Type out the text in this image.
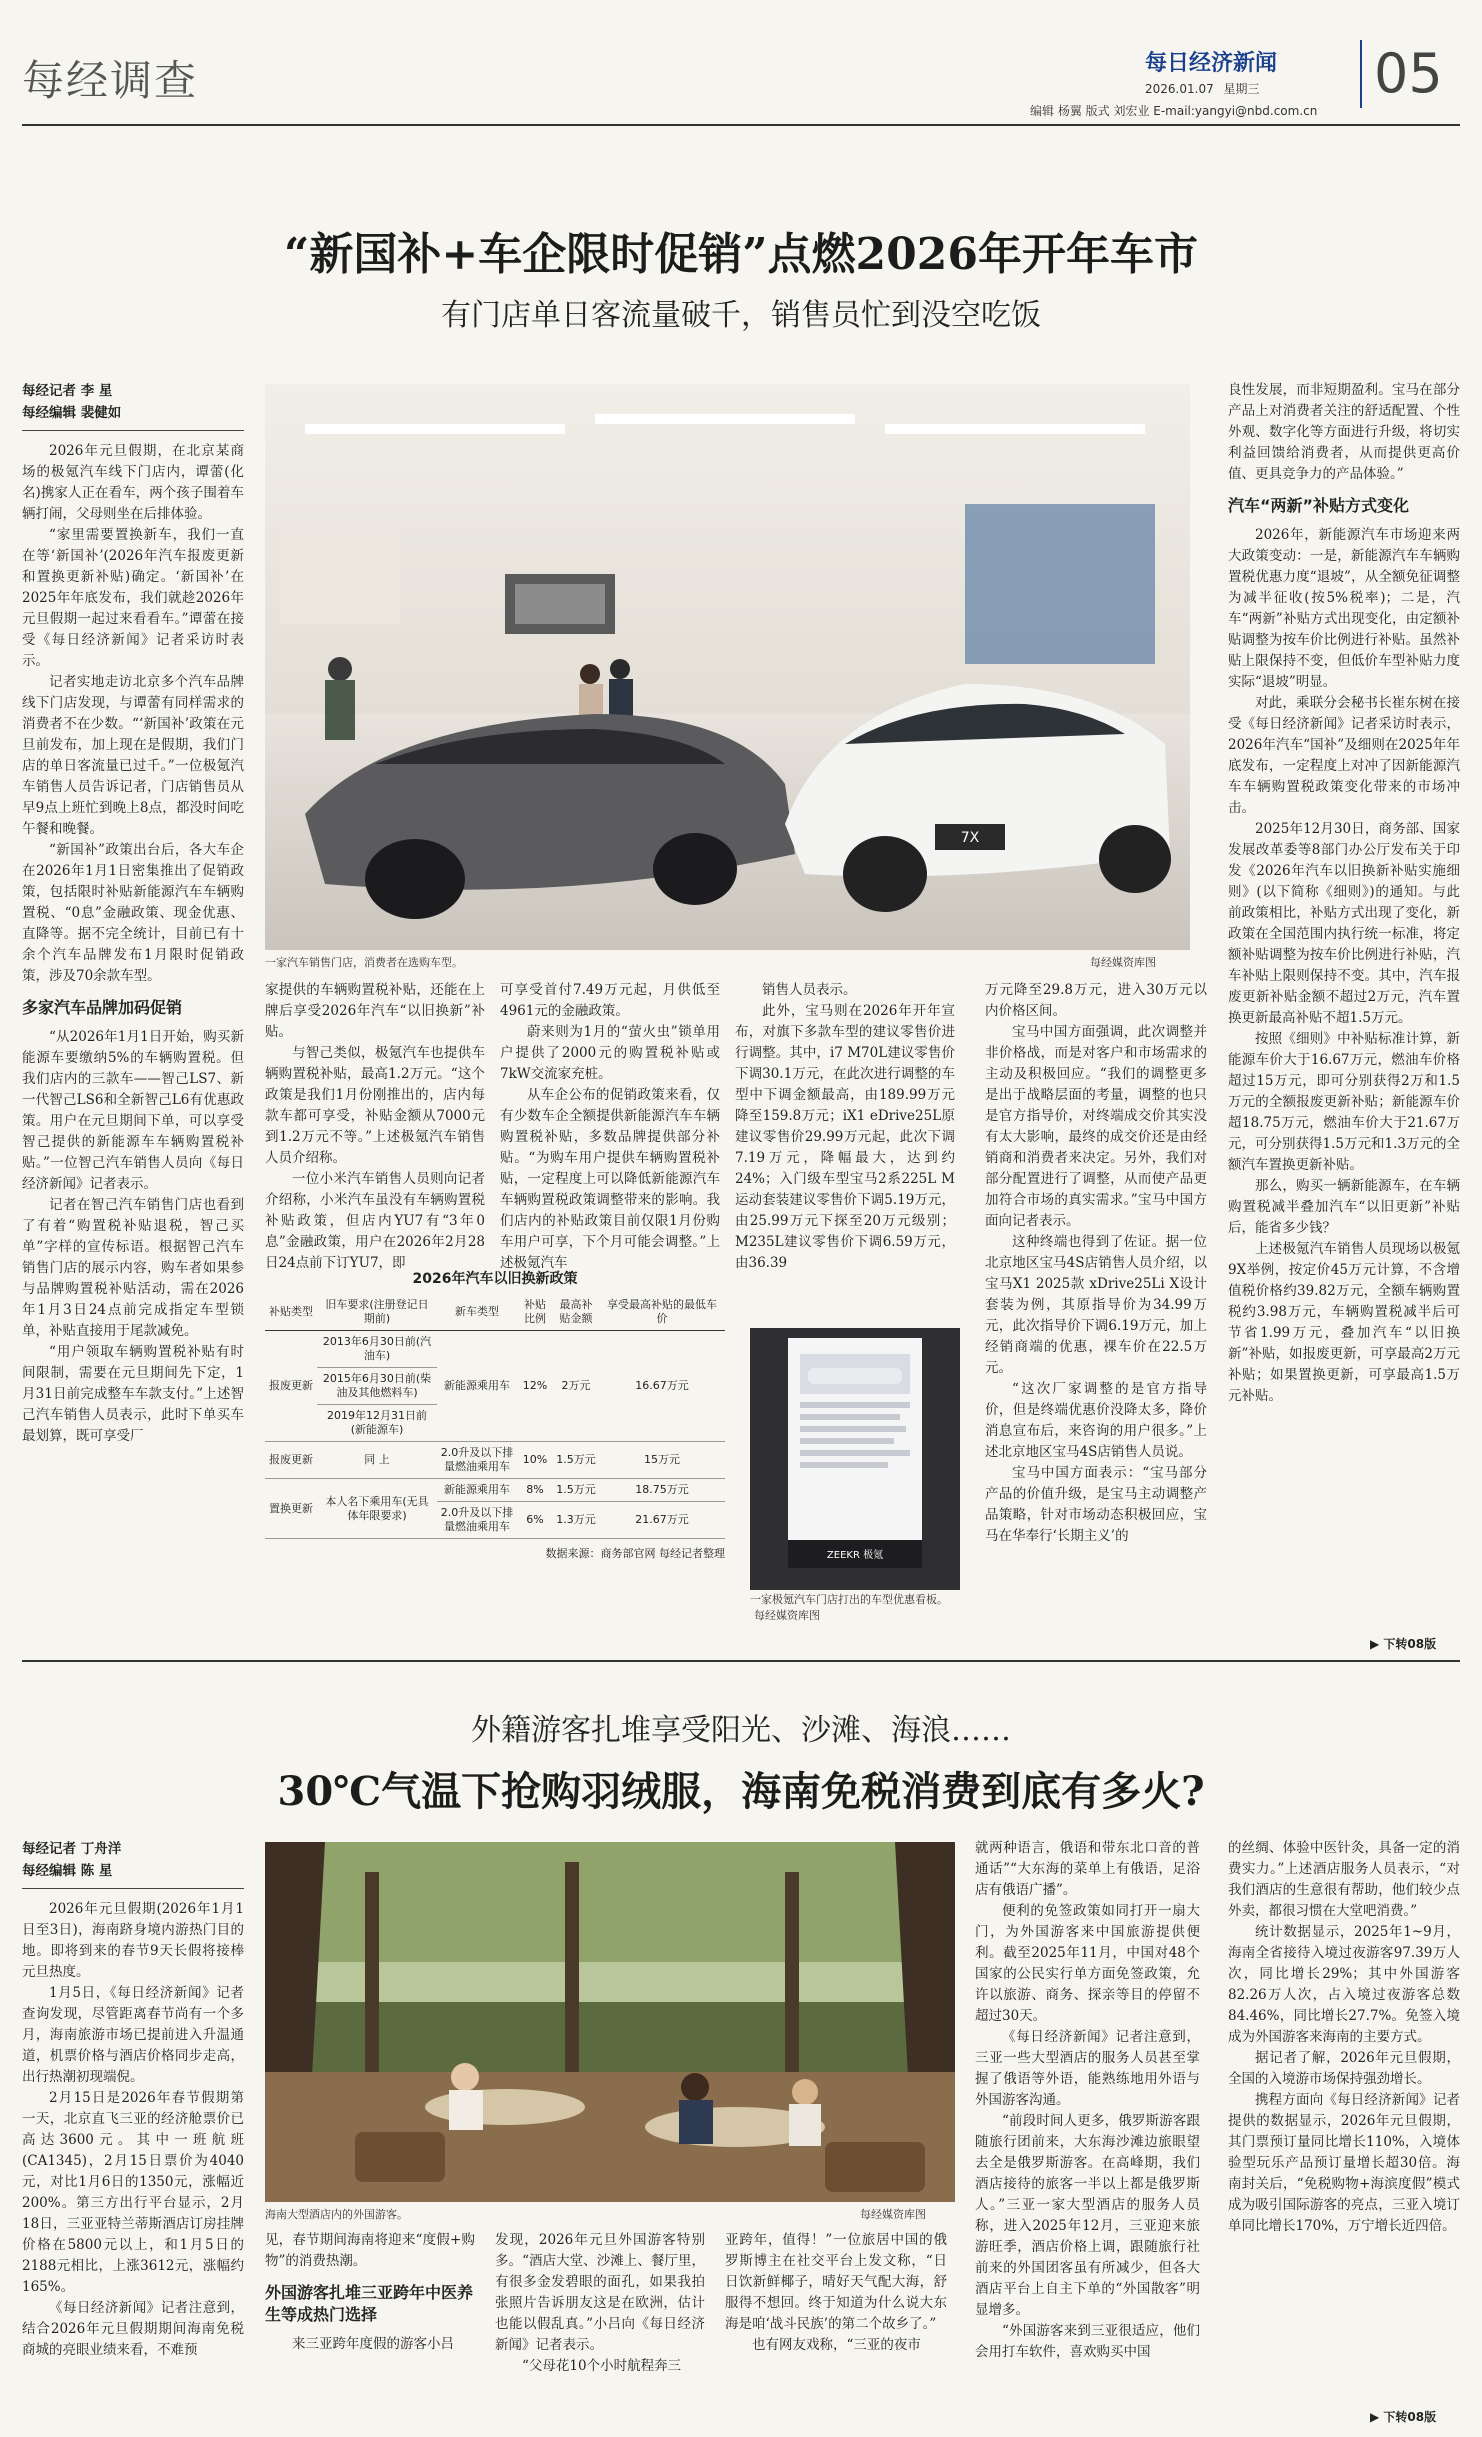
每经调查	每日经济新闻
2026.01.07 星期三 05
编辑 杨翼 版式 刘宏业 E-mail:yangyi@nbd.com.cn
“新国补+车企限时促销”点燃2026年开年车市
有门店单日客流量破千，销售员忙到没空吃饭
每经记者 李 星
每经编辑 裴健如

2026年元旦假期，在北京某商场的极氪汽车线下门店内，谭蕾(化名)携家人正在看车，两个孩子围着车辆打闹，父母则坐在后排体验。

“家里需要置换新车，我们一直在等‘新国补’(2026年汽车报废更新和置换更新补贴)确定。‘新国补’在2025年年底发布，我们就趁2026年元旦假期一起过来看看车。”谭蕾在接受《每日经济新闻》记者采访时表示。

记者实地走访北京多个汽车品牌线下门店发现，与谭蕾有同样需求的消费者不在少数。“‘新国补’政策在元旦前发布，加上现在是假期，我们门店的单日客流量已过千。”一位极氪汽车销售人员告诉记者，门店销售员从早9点上班忙到晚上8点，都没时间吃午餐和晚餐。

“新国补”政策出台后，各大车企在2026年1月1日密集推出了促销政策，包括限时补贴新能源汽车车辆购置税、“0息”金融政策、现金优惠、直降等。据不完全统计，目前已有十余个汽车品牌发布1月限时促销政策，涉及70余款车型。

多家汽车品牌加码促销

“从2026年1月1日开始，购买新能源车要缴纳5%的车辆购置税。但我们店内的三款车——智己LS7、新一代智己LS6和全新智己L6有优惠政策。用户在元旦期间下单，可以享受智己提供的新能源车车辆购置税补贴。”一位智己汽车销售人员向《每日经济新闻》记者表示。

记者在智己汽车销售门店也看到了有着“购置税补贴退税，智己买单”字样的宣传标语。根据智己汽车销售门店的展示内容，购车者如果参与品牌购置税补贴活动，需在2026年1月3日24点前完成指定车型锁单，补贴直接用于尾款减免。

“用户领取车辆购置税补贴有时间限制，需要在元旦期间先下定，1月31日前完成整车车款支付。”上述智己汽车销售人员表示，此时下单买车最划算，既可享受厂

7X
一家汽车销售门店，消费者在选购车型。	每经媒资库图

家提供的车辆购置税补贴，还能在上牌后享受2026年汽车“以旧换新”补贴。

与智己类似，极氪汽车也提供车辆购置税补贴，最高1.2万元。“这个政策是我们1月份刚推出的，店内每款车都可享受，补贴金额从7000元到1.2万元不等。”上述极氪汽车销售人员介绍称。

一位小米汽车销售人员则向记者介绍称，小米汽车虽没有车辆购置税补贴政策，但店内YU7有“3年0息”金融政策，用户在2026年2月28日24点前下订YU7，即

可享受首付7.49万元起，月供低至4961元的金融政策。

蔚来则为1月的“萤火虫”锁单用户提供了2000元的购置税补贴或7kW交流家充桩。

从车企公布的促销政策来看，仅有少数车企全额提供新能源汽车车辆购置税补贴，多数品牌提供部分补贴。“为购车用户提供车辆购置税补贴，一定程度上可以降低新能源汽车车辆购置税政策调整带来的影响。我们店内的补贴政策目前仅限1月份购车用户可享，下个月可能会调整。”上述极氪汽车

销售人员表示。

此外，宝马则在2026年开年宣布，对旗下多款车型的建议零售价进行调整。其中，i7 M70L建议零售价下调30.1万元，在此次进行调整的车型中下调金额最高，由189.99万元降至159.8万元；iX1 eDrive25L原建议零售价29.99万元起，此次下调7.19万元，降幅最大，达到约24%；入门级车型宝马2系225L M运动套装建议零售价下调5.19万元，由25.99万元下探至20万元级别；M235L建议零售价下调6.59万元，由36.39

2026年汽车以旧换新政策
补贴类型	旧车要求(注册登记日期前)	新车类型	补贴比例	最高补贴金额	享受最高补贴的最低车价
报废更新	2013年6月30日前(汽油车)	新能源乘用车	12%	2万元	16.67万元
	2015年6月30日前(柴油及其他燃料车)				
	2019年12月31日前(新能源车)				
报废更新	同 上	2.0升及以下排量燃油乘用车	10%	1.5万元	15万元
置换更新	本人名下乘用车(无具体年限要求)	新能源乘用车	8%	1.5万元	18.75万元
		2.0升及以下排量燃油乘用车	6%	1.3万元	21.67万元
数据来源：商务部官网 每经记者整理	ZEEKR 极氪
一家极氪汽车门店打出的车型优惠看板。 每经媒资库图

万元降至29.8万元，进入30万元以内价格区间。

宝马中国方面强调，此次调整并非价格战，而是对客户和市场需求的主动及积极回应。“我们的调整更多是出于战略层面的考量，调整的也只是官方指导价，对终端成交价其实没有太大影响，最终的成交价还是由经销商和消费者来决定。另外，我们对部分配置进行了调整，从而使产品更加符合市场的真实需求。”宝马中国方面向记者表示。

这种终端也得到了佐证。据一位北京地区宝马4S店销售人员介绍，以宝马X1 2025款 xDrive25Li X设计套装为例，其原指导价为34.99万元，此次指导价下调6.19万元，加上经销商端的优惠，裸车价在22.5万元。

“这次厂家调整的是官方指导价，但是终端优惠价没降太多，降价消息宣布后，来咨询的用户很多。”上述北京地区宝马4S店销售人员说。

宝马中国方面表示：“宝马部分产品的价值升级，是宝马主动调整产品策略，针对市场动态积极回应，宝马在华奉行‘长期主义’的

良性发展，而非短期盈利。宝马在部分产品上对消费者关注的舒适配置、个性外观、数字化等方面进行升级，将切实利益回馈给消费者，从而提供更高价值、更具竞争力的产品体验。”

汽车“两新”补贴方式变化

2026年，新能源汽车市场迎来两大政策变动：一是，新能源汽车车辆购置税优惠力度“退坡”，从全额免征调整为减半征收(按5%税率)；二是，汽车“两新”补贴方式出现变化，由定额补贴调整为按车价比例进行补贴。虽然补贴上限保持不变，但低价车型补贴力度实际“退坡”明显。

对此，乘联分会秘书长崔东树在接受《每日经济新闻》记者采访时表示，2026年汽车“国补”及细则在2025年年底发布，一定程度上对冲了因新能源汽车车辆购置税政策变化带来的市场冲击。

2025年12月30日，商务部、国家发展改革委等8部门办公厅发布关于印发《2026年汽车以旧换新补贴实施细则》(以下简称《细则》)的通知。与此前政策相比，补贴方式出现了变化，新政策在全国范围内执行统一标准，将定额补贴调整为按车价比例进行补贴，汽车补贴上限则保持不变。其中，汽车报废更新补贴金额不超过2万元，汽车置换更新最高补贴不超1.5万元。

按照《细则》中补贴标准计算，新能源车价大于16.67万元，燃油车价格超过15万元，即可分别获得2万和1.5万元的全额报废更新补贴；新能源车价超18.75万元，燃油车价大于21.67万元，可分别获得1.5万元和1.3万元的全额汽车置换更新补贴。

那么，购买一辆新能源车，在车辆购置税减半叠加汽车“以旧更新”补贴后，能省多少钱？

上述极氪汽车销售人员现场以极氪9X举例，按定价45万元计算，不含增值税价格约39.82万元，全额车辆购置税约3.98万元，车辆购置税减半后可节省1.99万元，叠加汽车“以旧换新”补贴，如报废更新，可享最高2万元补贴；如果置换更新，可享最高1.5万元补贴。

▶ 下转08版
外籍游客扎堆享受阳光、沙滩、海浪……
30℃气温下抢购羽绒服，海南免税消费到底有多火?
每经记者 丁舟洋
每经编辑 陈 星

2026年元旦假期(2026年1月1日至3日)，海南跻身境内游热门目的地。即将到来的春节9天长假将接棒元旦热度。

1月5日，《每日经济新闻》记者查询发现，尽管距离春节尚有一个多月，海南旅游市场已提前进入升温通道，机票价格与酒店价格同步走高，出行热潮初现端倪。

2月15日是2026年春节假期第一天，北京直飞三亚的经济舱票价已高达3600元。其中一班航班(CA1345)，2月15日票价为4040元，对比1月6日的1350元，涨幅近200%。第三方出行平台显示，2月18日，三亚亚特兰蒂斯酒店订房挂牌价格在5800元以上，和1月5日的2188元相比，上涨3612元，涨幅约165%。

《每日经济新闻》记者注意到，结合2026年元旦假期期间海南免税商城的亮眼业绩来看，不难预

海南大型酒店内的外国游客。	每经媒资库图

见，春节期间海南将迎来“度假+购物”的消费热潮。

外国游客扎堆三亚跨年中医养生等成热门选择

来三亚跨年度假的游客小吕

发现，2026年元旦外国游客特别多。“酒店大堂、沙滩上、餐厅里，有很多金发碧眼的面孔，如果我拍张照片告诉朋友这是在欧洲，估计也能以假乱真。”小吕向《每日经济新闻》记者表示。

“父母花10个小时航程奔三

亚跨年，值得！”一位旅居中国的俄罗斯博主在社交平台上发文称，“日日饮新鲜椰子，晴好天气配大海，舒服得不想回。终于知道为什么说大东海是咱‘战斗民族’的第二个故乡了。”

也有网友戏称，“三亚的夜市

就两种语言，俄语和带东北口音的普通话”“大东海的菜单上有俄语，足浴店有俄语广播”。

便利的免签政策如同打开一扇大门，为外国游客来中国旅游提供便利。截至2025年11月，中国对48个国家的公民实行单方面免签政策，允许以旅游、商务、探亲等目的停留不超过30天。

《每日经济新闻》记者注意到，三亚一些大型酒店的服务人员甚至掌握了俄语等外语，能熟练地用外语与外国游客沟通。

“前段时间人更多，俄罗斯游客跟随旅行团前来，大东海沙滩边旅眼望去全是俄罗斯游客。在高峰期，我们酒店接待的旅客一半以上都是俄罗斯人。”三亚一家大型酒店的服务人员称，进入2025年12月，三亚迎来旅游旺季，酒店价格上调，跟随旅行社前来的外国团客虽有所减少，但各大酒店平台上自主下单的“外国散客”明显增多。

“外国游客来到三亚很适应，他们会用打车软件，喜欢购买中国

的丝绸、体验中医针灸，具备一定的消费实力。”上述酒店服务人员表示，“对我们酒店的生意很有帮助，他们较少点外卖，都很习惯在大堂吧消费。”

统计数据显示，2025年1~9月，海南全省接待入境过夜游客97.39万人次，同比增长29%；其中外国游客82.26万人次，占入境过夜游客总数84.46%，同比增长27.7%。免签入境成为外国游客来海南的主要方式。

据记者了解，2026年元旦假期，全国的入境游市场保持强劲增长。

携程方面向《每日经济新闻》记者提供的数据显示，2026年元旦假期，其门票预订量同比增长110%，入境体验型玩乐产品预订量增长超30倍。海南封关后，“免税购物+海滨度假”模式成为吸引国际游客的亮点，三亚入境订单同比增长170%，万宁增长近四倍。

▶ 下转08版
